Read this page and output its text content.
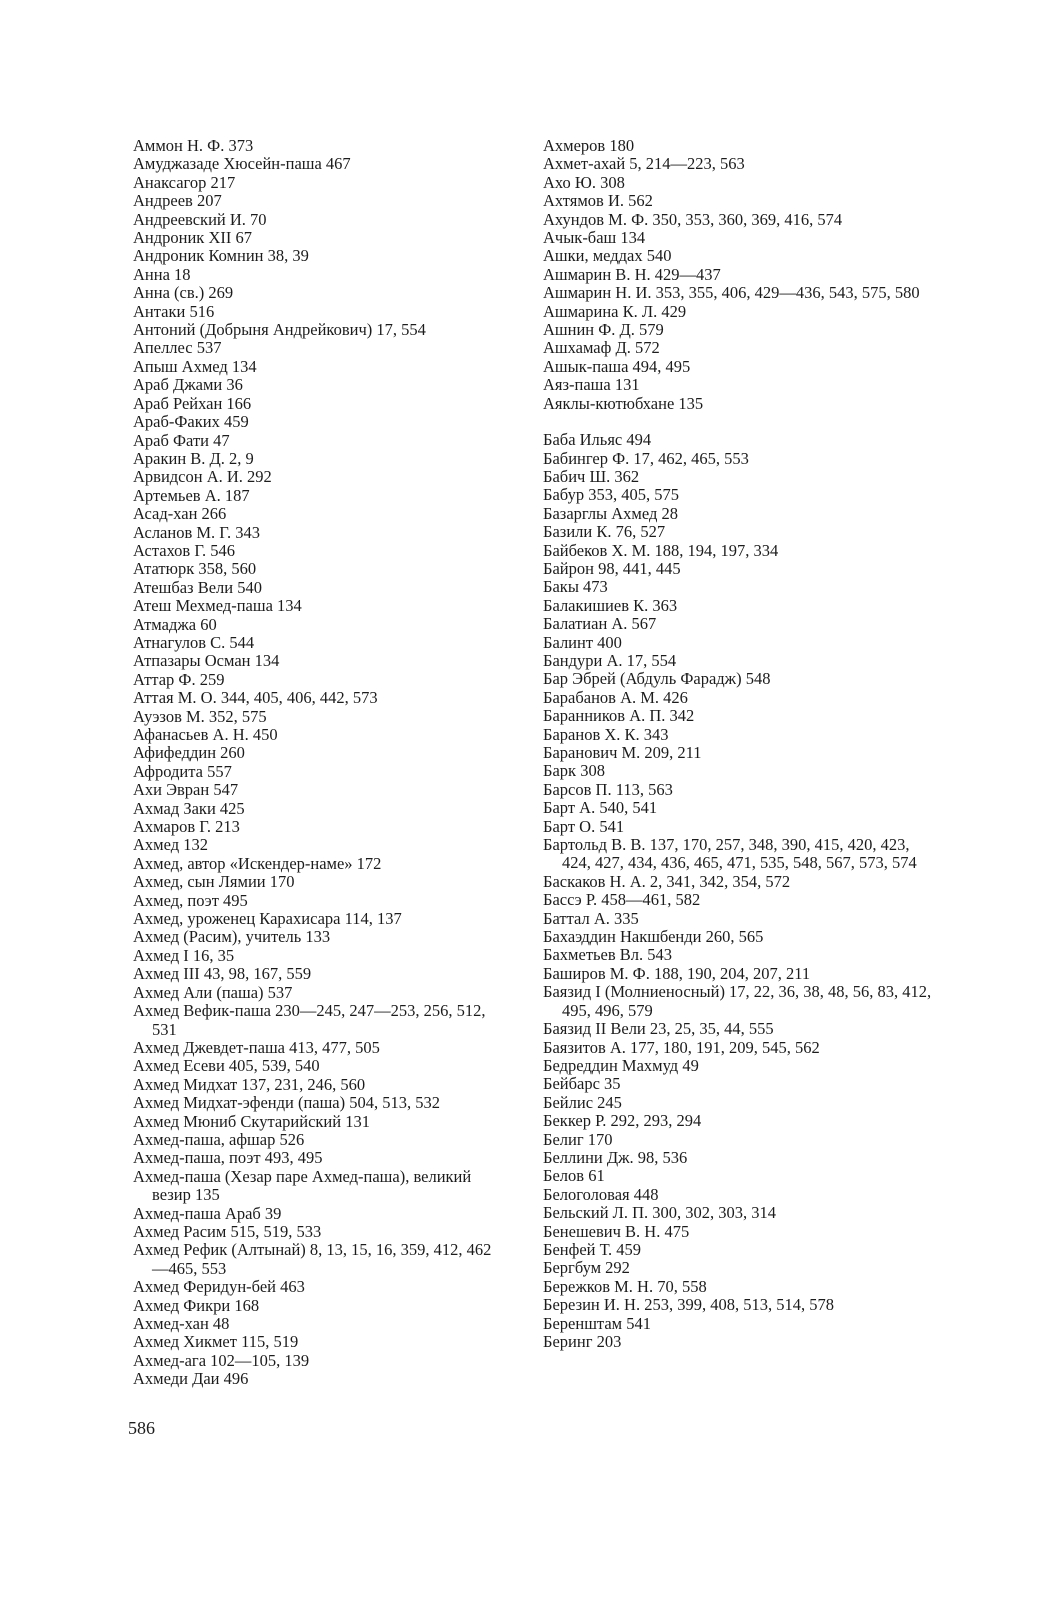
Аммон Н. Ф. 373
Амуджазаде Хюсейн-паша 467
Анаксагор 217
Андреев 207
Андреевский И. 70
Андроник XII 67
Андроник Комнин 38, 39
Анна 18
Анна (св.) 269
Антаки 516
Антоний (Добрыня Андрейкович) 17, 554
Апеллес 537
Апыш Ахмед 134
Араб Джами 36
Араб Рейхан 166
Араб-Факих 459
Араб Фати 47
Аракин В. Д. 2, 9
Арвидсон А. И. 292
Артемьев А. 187
Асад-хан 266
Асланов М. Г. 343
Астахов Г. 546
Ататюрк 358, 560
Атешбаз Вели 540
Атеш Мехмед-паша 134
Атмаджа 60
Атнагулов С. 544
Атпазары Осман 134
Аттар Ф. 259
Аттая М. О. 344, 405, 406, 442, 573
Ауэзов М. 352, 575
Афанасьев А. Н. 450
Афифеддин 260
Афродита 557
Ахи Эвран 547
Ахмад Заки 425
Ахмаров Г. 213
Ахмед 132
Ахмед, автор «Искендер-наме» 172
Ахмед, сын Лямии 170
Ахмед, поэт 495
Ахмед, уроженец Карахисара 114, 137
Ахмед (Расим), учитель 133
Ахмед I 16, 35
Ахмед III 43, 98, 167, 559
Ахмед Али (паша) 537
Ахмед Вефик-паша 230—245, 247—253, 256, 512, 531
Ахмед Джевдет-паша 413, 477, 505
Ахмед Есеви 405, 539, 540
Ахмед Мидхат 137, 231, 246, 560
Ахмед Мидхат-эфенди (паша) 504, 513, 532
Ахмед Мюниб Скутарийский 131
Ахмед-паша, афшар 526
Ахмед-паша, поэт 493, 495
Ахмед-паша (Хезар паре Ахмед-паша), великий везир 135
Ахмед-паша Араб 39
Ахмед Расим 515, 519, 533
Ахмед Рефик (Алтынай) 8, 13, 15, 16, 359, 412, 462—465, 553
Ахмед Феридун-бей 463
Ахмед Фикри 168
Ахмед-хан 48
Ахмед Хикмет 115, 519
Ахмед-ага 102—105, 139
Ахмеди Даи 496
Ахмеров 180
Ахмет-ахай 5, 214—223, 563
Ахо Ю. 308
Ахтямов И. 562
Ахундов М. Ф. 350, 353, 360, 369, 416, 574
Ачык-баш 134
Ашки, меддах 540
Ашмарин В. Н. 429—437
Ашмарин Н. И. 353, 355, 406, 429—436, 543, 575, 580
Ашмарина К. Л. 429
Ашнин Ф. Д. 579
Ашхамаф Д. 572
Ашык-паша 494, 495
Аяз-паша 131
Аяклы-кютюбхане 135
Баба Ильяс 494
Бабингер Ф. 17, 462, 465, 553
Бабич Ш. 362
Бабур 353, 405, 575
Базарглы Ахмед 28
Базили К. 76, 527
Байбеков Х. М. 188, 194, 197, 334
Байрон 98, 441, 445
Бакы 473
Балакишиев К. 363
Балатиан А. 567
Балинт 400
Бандури А. 17, 554
Бар Эбрей (Абдуль Фарадж) 548
Барабанов А. М. 426
Баранников А. П. 342
Баранов Х. К. 343
Баранович М. 209, 211
Барк 308
Барсов П. 113, 563
Барт А. 540, 541
Барт О. 541
Бартольд В. В. 137, 170, 257, 348, 390, 415, 420, 423, 424, 427, 434, 436, 465, 471, 535, 548, 567, 573, 574
Баскаков Н. А. 2, 341, 342, 354, 572
Бассэ Р. 458—461, 582
Баттал А. 335
Бахаэддин Накшбенди 260, 565
Бахметьев Вл. 543
Баширов М. Ф. 188, 190, 204, 207, 211
Баязид I (Молниеносный) 17, 22, 36, 38, 48, 56, 83, 412, 495, 496, 579
Баязид II Вели 23, 25, 35, 44, 555
Баязитов А. 177, 180, 191, 209, 545, 562
Бедреддин Махмуд 49
Бейбарс 35
Бейлис 245
Беккер Р. 292, 293, 294
Белиг 170
Беллини Дж. 98, 536
Белов 61
Белоголовая 448
Бельский Л. П. 300, 302, 303, 314
Бенешевич В. Н. 475
Бенфей Т. 459
Бергбум 292
Бережков М. Н. 70, 558
Березин И. Н. 253, 399, 408, 513, 514, 578
Беренштам 541
Беринг 203
586
